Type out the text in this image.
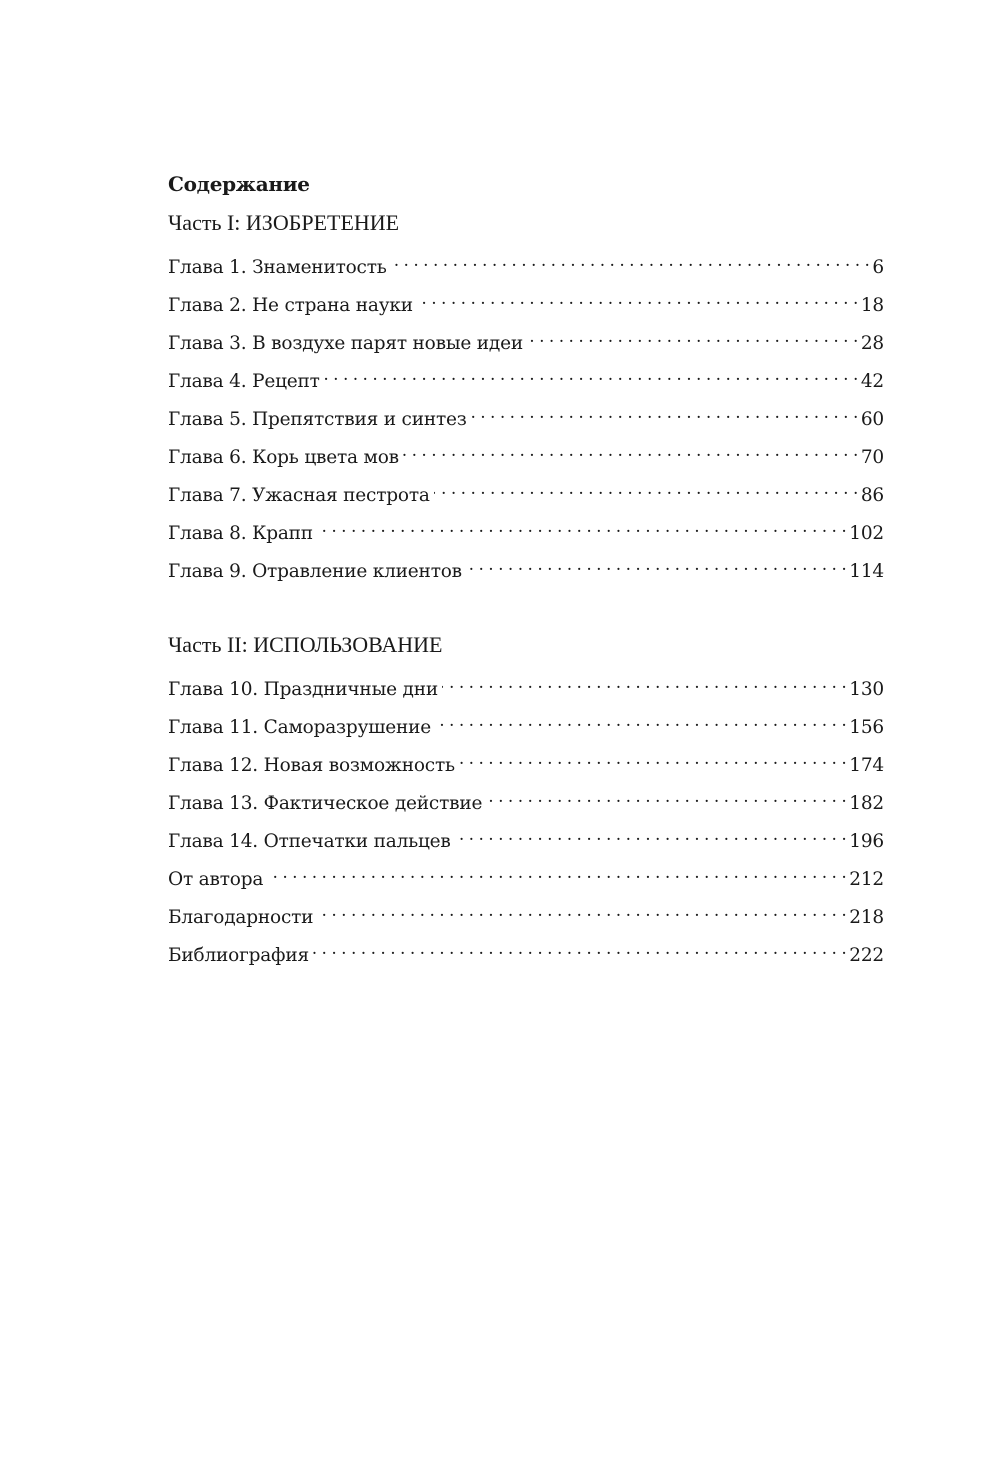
Содержание
Часть I: ИЗОБРЕТЕНИЕ
Глава 1. Знаменитость . . .	6
Глава 2. Не страна науки . . .	18
Глава 3. В воздухе парят новые идеи . . .	28
Глава 4. Рецепт . . .	42
Глава 5. Препятствия и синтез . . .	60
Глава 6. Корь цвета мов . . .	70
Глава 7. Ужасная пестрота . . .	86
Глава 8. Крапп . . .	102
Глава 9. Отравление клиентов . . .	114
Часть II: ИСПОЛЬЗОВАНИЕ
Глава 10. Праздничные дни . . .	130
Глава 11. Саморазрушение . . .	156
Глава 12. Новая возможность . . .	174
Глава 13. Фактическое действие . . .	182
Глава 14. Отпечатки пальцев . . .	196
От автора . . .	212
Благодарности . . .	218
Библиография . . .	222
